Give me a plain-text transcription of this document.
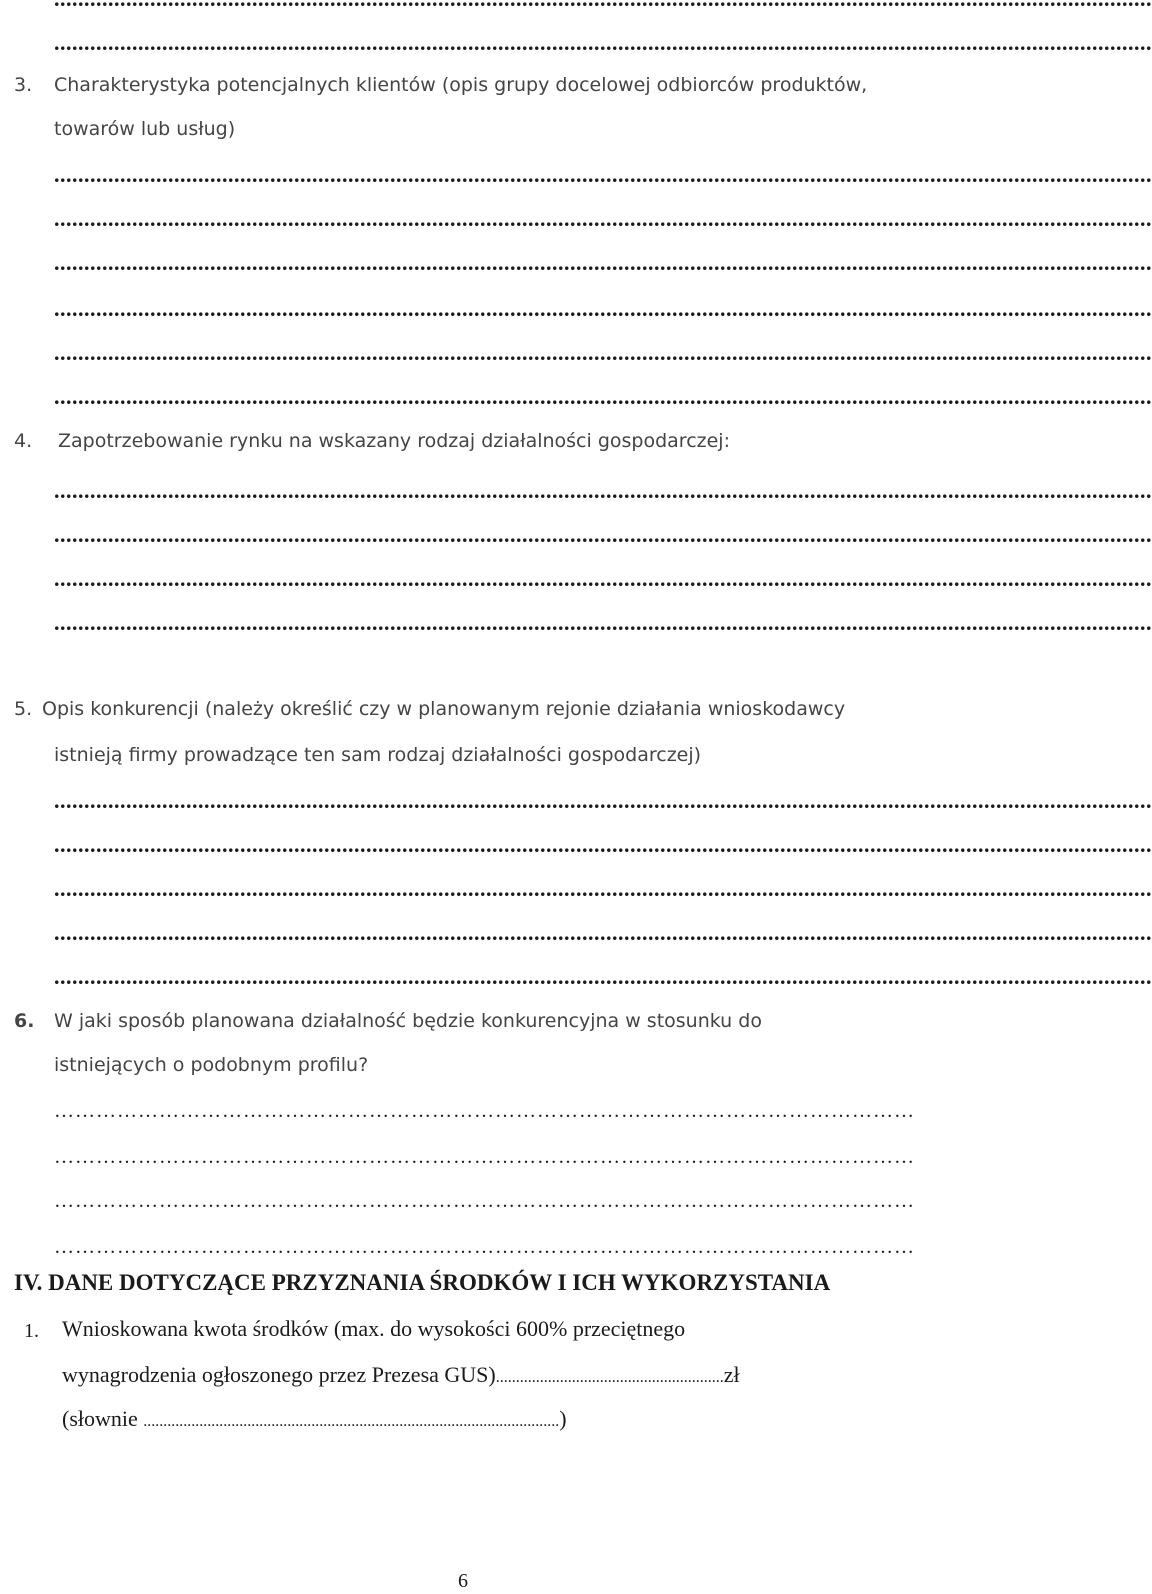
.......................................................................................................................................................................................
3. Charakterystyka potencjalnych klientów (opis grupy docelowej odbiorców produktów,
towarów lub usług)
.......................................................................................................................................................................................
.......................................................................................................................................................................................
.......................................................................................................................................................................................
.......................................................................................................................................................................................
.......................................................................................................................................................................................
.......................................................................................................................................................................................
4. Zapotrzebowanie rynku na wskazany rodzaj działalności gospodarczej:
.......................................................................................................................................................................................
.......................................................................................................................................................................................
.......................................................................................................................................................................................
.......................................................................................................................................................................................
5. Opis konkurencji (należy określić czy w planowanym rejonie działania wnioskodawcy
istnieją firmy prowadzące ten sam rodzaj działalności gospodarczej)
.......................................................................................................................................................................................
.......................................................................................................................................................................................
.......................................................................................................................................................................................
.......................................................................................................................................................................................
.......................................................................................................................................................................................
6. W jaki sposób planowana działalność będzie konkurencyjna w stosunku do
istniejących o podobnym profilu?
……………………………………………………………………………………………………………
……………………………………………………………………………………………………………
……………………………………………………………………………………………………………
……………………………………………………………………………………………………………
IV. DANE DOTYCZĄCE PRZYZNANIA ŚRODKÓW I ICH WYKORZYSTANIA
1. Wnioskowana kwota środków (max. do wysokości 600% przeciętnego
wynagrodzenia ogłoszonego przez Prezesa GUS).........................................................zł
(słownie ........................................................................................................)
6
